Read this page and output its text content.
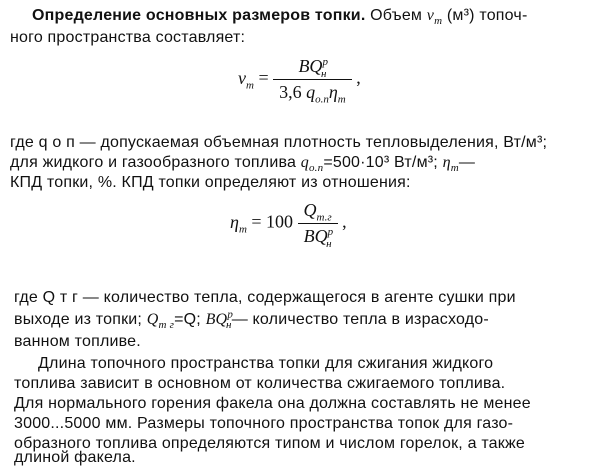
Определение основных размеров топки. Объем $v_т$ (м³) топоч-
ного пространства составляет:
$v_т = \frac{BQ^р_н}{3,6 q_{о.п}\eta_т}$ ,
где q о п — допускаемая объемная плотность тепловыделения, Вт/м³;
для жидкого и газообразного топлива $q_{о.п}=500\cdot 10^3$ Вт/м³; $\eta_т—$
КПД топки, %. КПД топки определяют из отношения:
$\eta_т = 100 \frac{Q_{т.г}}{BQ^р_н}$ ,
где Q т г — количество тепла, содержащегося в агенте сушки при
выходе из топки; $Q_{т г}=Q$; $BQ^р_н—$ количество тепла в израсходо-
ванном топливе.
Длина топочного пространства топки для сжигания жидкого
топлива зависит в основном от количества сжигаемого топлива.
Для нормального горения факела она должна составлять не менее
3000...5000 мм. Размеры топочного пространства топок для газо-
образного топлива определяются типом и числом горелок, а также
длиной факела.
